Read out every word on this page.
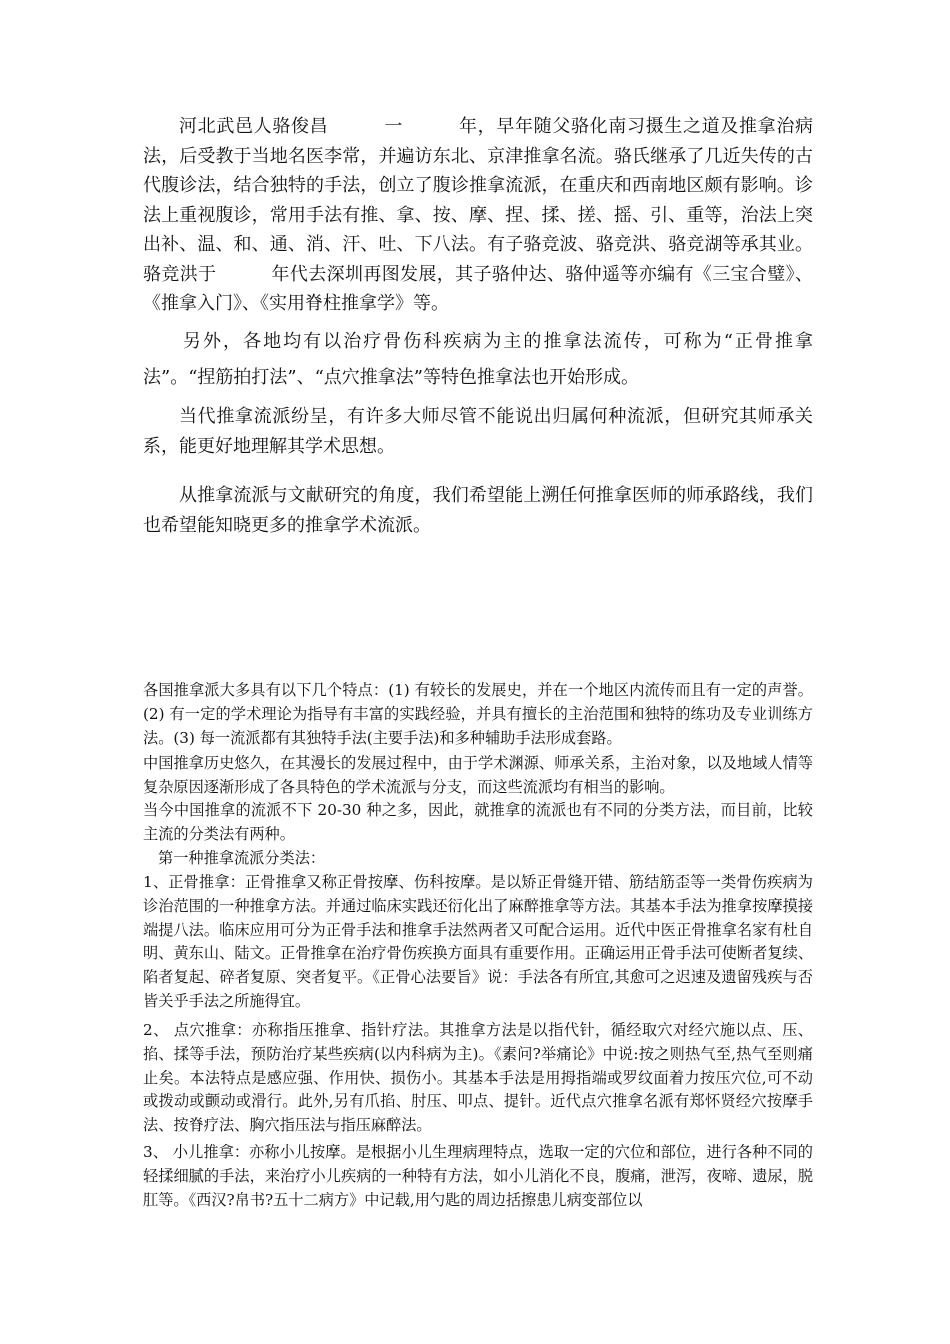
河北武邑人骆俊昌　　　一　　　年，早年随父骆化南习摄生之道及推拿治病法，后受教于当地名医李常，并遍访东北、京津推拿名流。骆氏继承了几近失传的古代腹诊法，结合独特的手法，创立了腹诊推拿流派，在重庆和西南地区颇有影响。诊法上重视腹诊，常用手法有推、拿、按、摩、捏、揉、搓、摇、引、重等，治法上突出补、温、和、通、消、汗、吐、下八法。有子骆竞波、骆竞洪、骆竞湖等承其业。骆竞洪于　　　年代去深圳再图发展，其子骆仲达、骆仲遥等亦编有《三宝合璧》、《推拿入门》、《实用脊柱推拿学》等。

另外，各地均有以治疗骨伤科疾病为主的推拿法流传，可称为“正骨推拿法”。“捏筋拍打法”、“点穴推拿法”等特色推拿法也开始形成。

当代推拿流派纷呈，有许多大师尽管不能说出归属何种流派，但研究其师承关系，能更好地理解其学术思想。

从推拿流派与文献研究的角度，我们希望能上溯任何推拿医师的师承路线，我们也希望能知晓更多的推拿学术流派。

各国推拿派大多具有以下几个特点：(1) 有较长的发展史，并在一个地区内流传而且有一定的声誉。(2) 有一定的学术理论为指导有丰富的实践经验，并具有擅长的主治范围和独特的练功及专业训练方法。(3) 每一流派都有其独特手法(主要手法)和多种辅助手法形成套路。

中国推拿历史悠久，在其漫长的发展过程中，由于学术渊源、师承关系，主治对象，以及地域人情等复杂原因逐渐形成了各具特色的学术流派与分支，而这些流派均有相当的影响。

当今中国推拿的流派不下 20-30 种之多，因此，就推拿的流派也有不同的分类方法，而目前，比较主流的分类法有两种。

第一种推拿流派分类法：

1、正骨推拿：正骨推拿又称正骨按摩、伤科按摩。是以矫正骨缝开错、筋结筋歪等一类骨伤疾病为诊治范围的一种推拿方法。并通过临床实践还衍化出了麻醉推拿等方法。其基本手法为推拿按摩摸接端提八法。临床应用可分为正骨手法和推拿手法然两者又可配合运用。近代中医正骨推拿名家有杜自明、黄东山、陆文。正骨推拿在治疗骨伤疾换方面具有重要作用。正确运用正骨手法可使断者复续、陷者复起、碎者复原、突者复平。《正骨心法要旨》说：手法各有所宜,其愈可之迟速及遗留残疾与否皆关乎手法之所施得宜。

2、 点穴推拿：亦称指压推拿、指针疗法。其推拿方法是以指代针，循经取穴对经穴施以点、压、掐、揉等手法，预防治疗某些疾病(以内科病为主)。《素问?举痛论》中说:按之则热气至,热气至则痛止矣。本法特点是感应强、作用快、损伤小。其基本手法是用拇指端或罗纹面着力按压穴位,可不动或拨动或颤动或滑行。此外,另有爪掐、肘压、叩点、提针。近代点穴推拿名派有郑怀贤经穴按摩手法、按脊疗法、胸穴指压法与指压麻醉法。

3、 小儿推拿：亦称小儿按摩。是根据小儿生理病理特点，选取一定的穴位和部位，进行各种不同的轻揉细腻的手法，来治疗小儿疾病的一种特有方法，如小儿消化不良，腹痛，泄泻，夜啼、遗尿，脱肛等。《西汉?帛书?五十二病方》中记载,用勺匙的周边括擦患儿病变部位以
